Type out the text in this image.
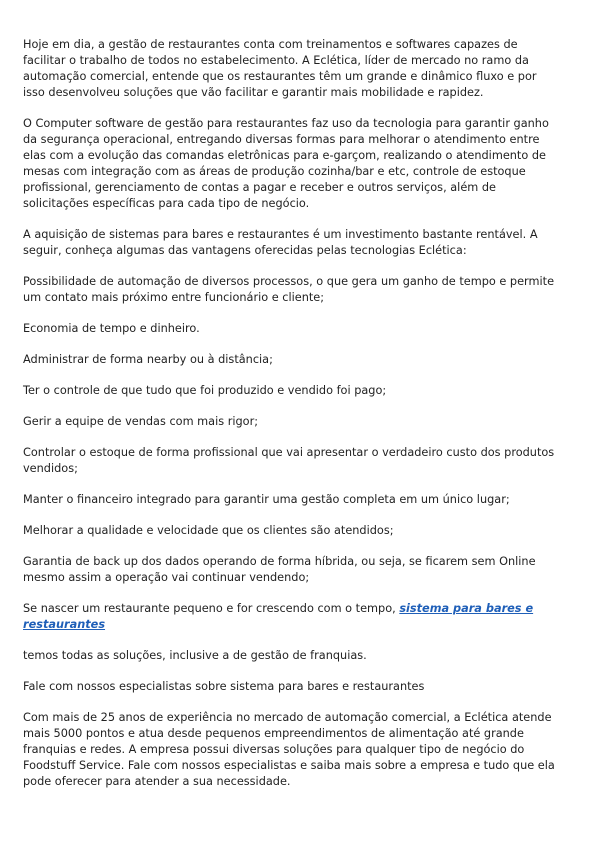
Hoje em dia, a gestão de restaurantes conta com treinamentos e softwares capazes de facilitar o trabalho de todos no estabelecimento. A Eclética, líder de mercado no ramo da automação comercial, entende que os restaurantes têm um grande e dinâmico fluxo e por isso desenvolveu soluções que vão facilitar e garantir mais mobilidade e rapidez.

O Computer software de gestão para restaurantes faz uso da tecnologia para garantir ganho da segurança operacional, entregando diversas formas para melhorar o atendimento entre elas com a evolução das comandas eletrônicas para e-garçom, realizando o atendimento de mesas com integração com as áreas de produção cozinha/bar e etc, controle de estoque profissional, gerenciamento de contas a pagar e receber e outros serviços, além de solicitações específicas para cada tipo de negócio.

A aquisição de sistemas para bares e restaurantes é um investimento bastante rentável. A seguir, conheça algumas das vantagens oferecidas pelas tecnologias Eclética:

Possibilidade de automação de diversos processos, o que gera um ganho de tempo e permite um contato mais próximo entre funcionário e cliente;

Economia de tempo e dinheiro.

Administrar de forma nearby ou à distância;

Ter o controle de que tudo que foi produzido e vendido foi pago;

Gerir a equipe de vendas com mais rigor;

Controlar o estoque de forma profissional que vai apresentar o verdadeiro custo dos produtos vendidos;

Manter o financeiro integrado para garantir uma gestão completa em um único lugar;

Melhorar a qualidade e velocidade que os clientes são atendidos;

Garantia de back up dos dados operando de forma híbrida, ou seja, se ficarem sem Online mesmo assim a operação vai continuar vendendo;

Se nascer um restaurante pequeno e for crescendo com o tempo, sistema para bares e restaurantes

temos todas as soluções, inclusive a de gestão de franquias.

Fale com nossos especialistas sobre sistema para bares e restaurantes

Com mais de 25 anos de experiência no mercado de automação comercial, a Eclética atende mais 5000 pontos e atua desde pequenos empreendimentos de alimentação até grande franquias e redes. A empresa possui diversas soluções para qualquer tipo de negócio do Foodstuff Service. Fale com nossos especialistas e saiba mais sobre a empresa e tudo que ela pode oferecer para atender a sua necessidade.
